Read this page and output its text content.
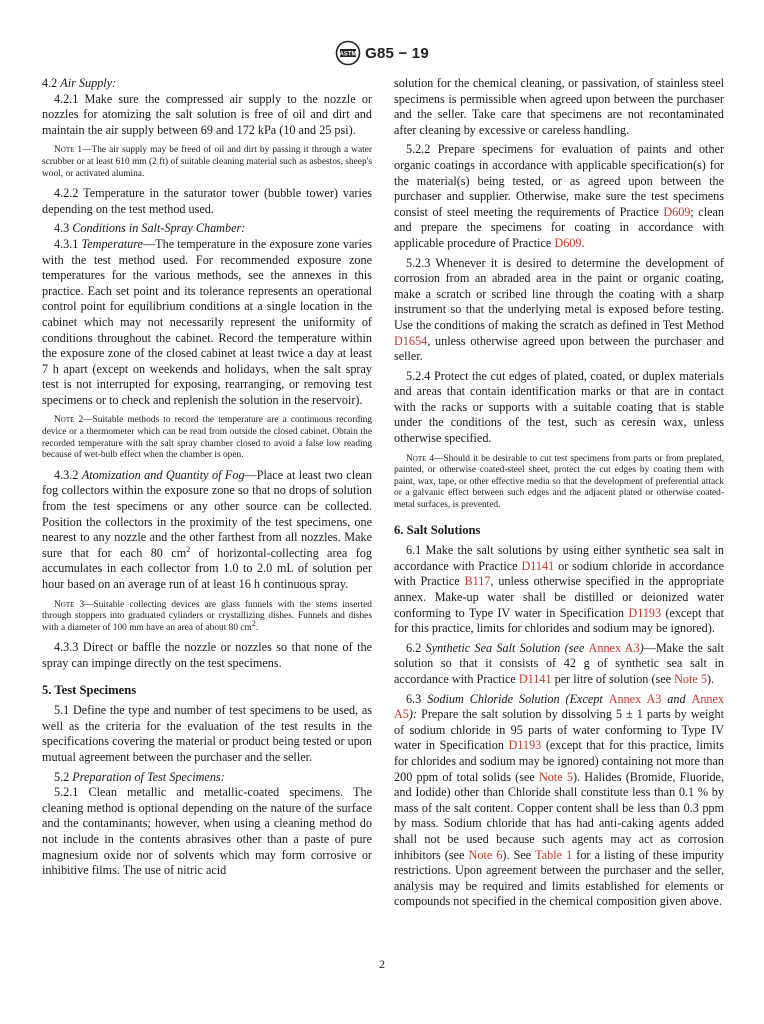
ASTM G85 − 19

4.2 Air Supply:

4.2.1 Make sure the compressed air supply to the nozzle or nozzles for atomizing the salt solution is free of oil and dirt and maintain the air supply between 69 and 172 kPa (10 and 25 psi).

Note 1—The air supply may be freed of oil and dirt by passing it through a water scrubber or at least 610 mm (2 ft) of suitable cleaning material such as asbestos, sheep's wool, or activated alumina.

4.2.2 Temperature in the saturator tower (bubble tower) varies depending on the test method used.

4.3 Conditions in Salt-Spray Chamber:

4.3.1 Temperature—The temperature in the exposure zone varies with the test method used. For recommended exposure zone temperatures for the various methods, see the annexes in this practice. Each set point and its tolerance represents an operational control point for equilibrium conditions at a single location in the cabinet which may not necessarily represent the uniformity of conditions throughout the cabinet. Record the temperature within the exposure zone of the closed cabinet at least twice a day at least 7 h apart (except on weekends and holidays, when the salt spray test is not interrupted for exposing, rearranging, or removing test specimens or to check and replenish the solution in the reservoir).

Note 2—Suitable methods to record the temperature are a continuous recording device or a thermometer which can be read from outside the closed cabinet. Obtain the recorded temperature with the salt spray chamber closed to avoid a false low reading because of wet-bulb effect when the chamber is open.

4.3.2 Atomization and Quantity of Fog—Place at least two clean fog collectors within the exposure zone so that no drops of solution from the test specimens or any other source can be collected. Position the collectors in the proximity of the test specimens, one nearest to any nozzle and the other farthest from all nozzles. Make sure that for each 80 $cm^2$ of horizontal-collecting area fog accumulates in each collector from 1.0 to 2.0 mL of solution per hour based on an average run of at least 16 h continuous spray.

Note 3—Suitable collecting devices are glass funnels with the stems inserted through stoppers into graduated cylinders or crystallizing dishes. Funnels and dishes with a diameter of 100 mm have an area of about 80 $cm^2$.

4.3.3 Direct or baffle the nozzle or nozzles so that none of the spray can impinge directly on the test specimens.

5. Test Specimens

5.1 Define the type and number of test specimens to be used, as well as the criteria for the evaluation of the test results in the specifications covering the material or product being tested or upon mutual agreement between the purchaser and the seller.

5.2 Preparation of Test Specimens:

5.2.1 Clean metallic and metallic-coated specimens. The cleaning method is optional depending on the nature of the surface and the contaminants; however, when using a cleaning method do not include in the contents abrasives other than a paste of pure magnesium oxide nor of solvents which may form corrosive or inhibitive films. The use of nitric acid

solution for the chemical cleaning, or passivation, of stainless steel specimens is permissible when agreed upon between the purchaser and the seller. Take care that specimens are not recontaminated after cleaning by excessive or careless handling.

5.2.2 Prepare specimens for evaluation of paints and other organic coatings in accordance with applicable specification(s) for the material(s) being tested, or as agreed upon between the purchaser and supplier. Otherwise, make sure the test specimens consist of steel meeting the requirements of Practice D609; clean and prepare the specimens for coating in accordance with applicable procedure of Practice D609.

5.2.3 Whenever it is desired to determine the development of corrosion from an abraded area in the paint or organic coating, make a scratch or scribed line through the coating with a sharp instrument so that the underlying metal is exposed before testing. Use the conditions of making the scratch as defined in Test Method D1654, unless otherwise agreed upon between the purchaser and seller.

5.2.4 Protect the cut edges of plated, coated, or duplex materials and areas that contain identification marks or that are in contact with the racks or supports with a suitable coating that is stable under the conditions of the test, such as ceresin wax, unless otherwise specified.

Note 4—Should it be desirable to cut test specimens from parts or from preplated, painted, or otherwise coated-steel sheet, protect the cut edges by coating them with paint, wax, tape, or other effective media so that the development of preferential attack or a galvanic effect between such edges and the adjacent plated or otherwise coated-metal surfaces, is prevented.

6. Salt Solutions

6.1 Make the salt solutions by using either synthetic sea salt in accordance with Practice D1141 or sodium chloride in accordance with Practice B117, unless otherwise specified in the appropriate annex. Make-up water shall be distilled or deionized water conforming to Type IV water in Specification D1193 (except that for this practice, limits for chlorides and sodium may be ignored).

6.2 Synthetic Sea Salt Solution (see Annex A3)—Make the salt solution so that it consists of 42 g of synthetic sea salt in accordance with Practice D1141 per litre of solution (see Note 5).

6.3 Sodium Chloride Solution (Except Annex A3 and Annex A5): Prepare the salt solution by dissolving 5 ± 1 parts by weight of sodium chloride in 95 parts of water conforming to Type IV water in Specification D1193 (except that for this practice, limits for chlorides and sodium may be ignored) containing not more than 200 ppm of total solids (see Note 5). Halides (Bromide, Fluoride, and Iodide) other than Chloride shall constitute less than 0.1 % by mass of the salt content. Copper content shall be less than 0.3 ppm by mass. Sodium chloride that has had anti-caking agents added shall not be used because such agents may act as corrosion inhibitors (see Note 6). See Table 1 for a listing of these impurity restrictions. Upon agreement between the purchaser and the seller, analysis may be required and limits established for elements or compounds not specified in the chemical composition given above.

2
